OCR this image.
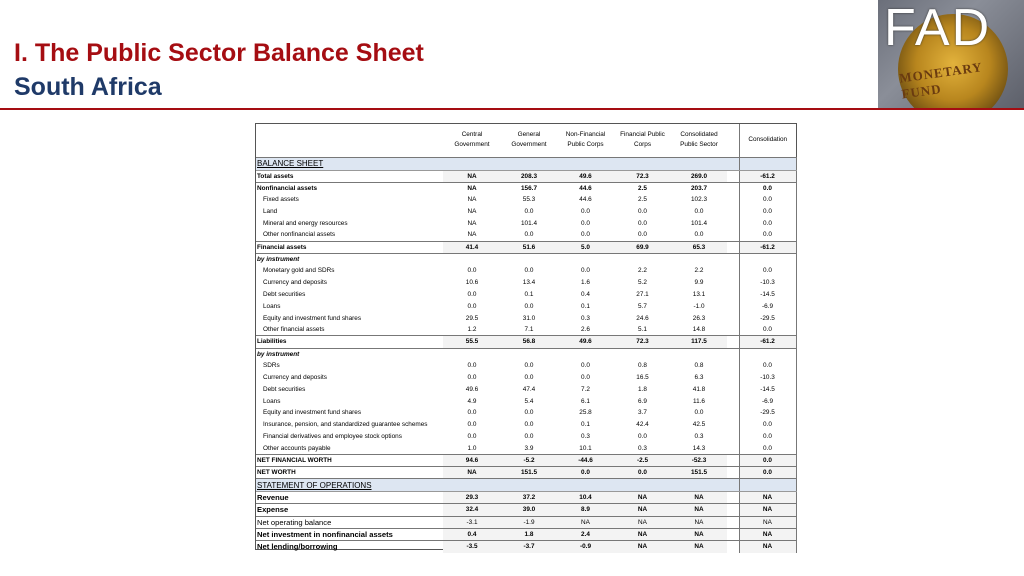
I. The Public Sector Balance Sheet
South Africa
FAD
MONETARY FUND
	Central Government	General Government	Non-Financial Public Corps	Financial Public Corps	Consolidated Public Sector		Consolidation
BALANCE SHEET							
Total assets	NA	208.3	49.6	72.3	269.0		-61.2
Nonfinancial assets	NA	156.7	44.6	2.5	203.7		0.0
Fixed assets	NA	55.3	44.6	2.5	102.3		0.0
Land	NA	0.0	0.0	0.0	0.0		0.0
Mineral and energy resources	NA	101.4	0.0	0.0	101.4		0.0
Other nonfinancial assets	NA	0.0	0.0	0.0	0.0		0.0
Financial assets	41.4	51.6	5.0	69.9	65.3		-61.2
by instrument							
Monetary gold and SDRs	0.0	0.0	0.0	2.2	2.2		0.0
Currency and deposits	10.6	13.4	1.6	5.2	9.9		-10.3
Debt securities	0.0	0.1	0.4	27.1	13.1		-14.5
Loans	0.0	0.0	0.1	5.7	-1.0		-6.9
Equity and investment fund shares	29.5	31.0	0.3	24.6	26.3		-29.5
Other financial assets	1.2	7.1	2.6	5.1	14.8		0.0
Liabilities	55.5	56.8	49.6	72.3	117.5		-61.2
by instrument							
SDRs	0.0	0.0	0.0	0.8	0.8		0.0
Currency and deposits	0.0	0.0	0.0	16.5	6.3		-10.3
Debt securities	49.6	47.4	7.2	1.8	41.8		-14.5
Loans	4.9	5.4	6.1	6.9	11.6		-6.9
Equity and investment fund shares	0.0	0.0	25.8	3.7	0.0		-29.5
Insurance, pension, and standardized guarantee schemes	0.0	0.0	0.1	42.4	42.5		0.0
Financial derivatives and employee stock options	0.0	0.0	0.3	0.0	0.3		0.0
Other accounts payable	1.0	3.9	10.1	0.3	14.3		0.0
NET FINANCIAL WORTH	94.6	-5.2	-44.6	-2.5	-52.3		0.0
NET WORTH	NA	151.5	0.0	0.0	151.5		0.0
STATEMENT OF OPERATIONS							
Revenue	29.3	37.2	10.4	NA	NA		NA
Expense	32.4	39.0	8.9	NA	NA		NA
Net operating balance	-3.1	-1.9	NA	NA	NA		NA
Net investment in nonfinancial assets	0.4	1.8	2.4	NA	NA		NA
Net lending/borrowing	-3.5	-3.7	-0.9	NA	NA		NA
